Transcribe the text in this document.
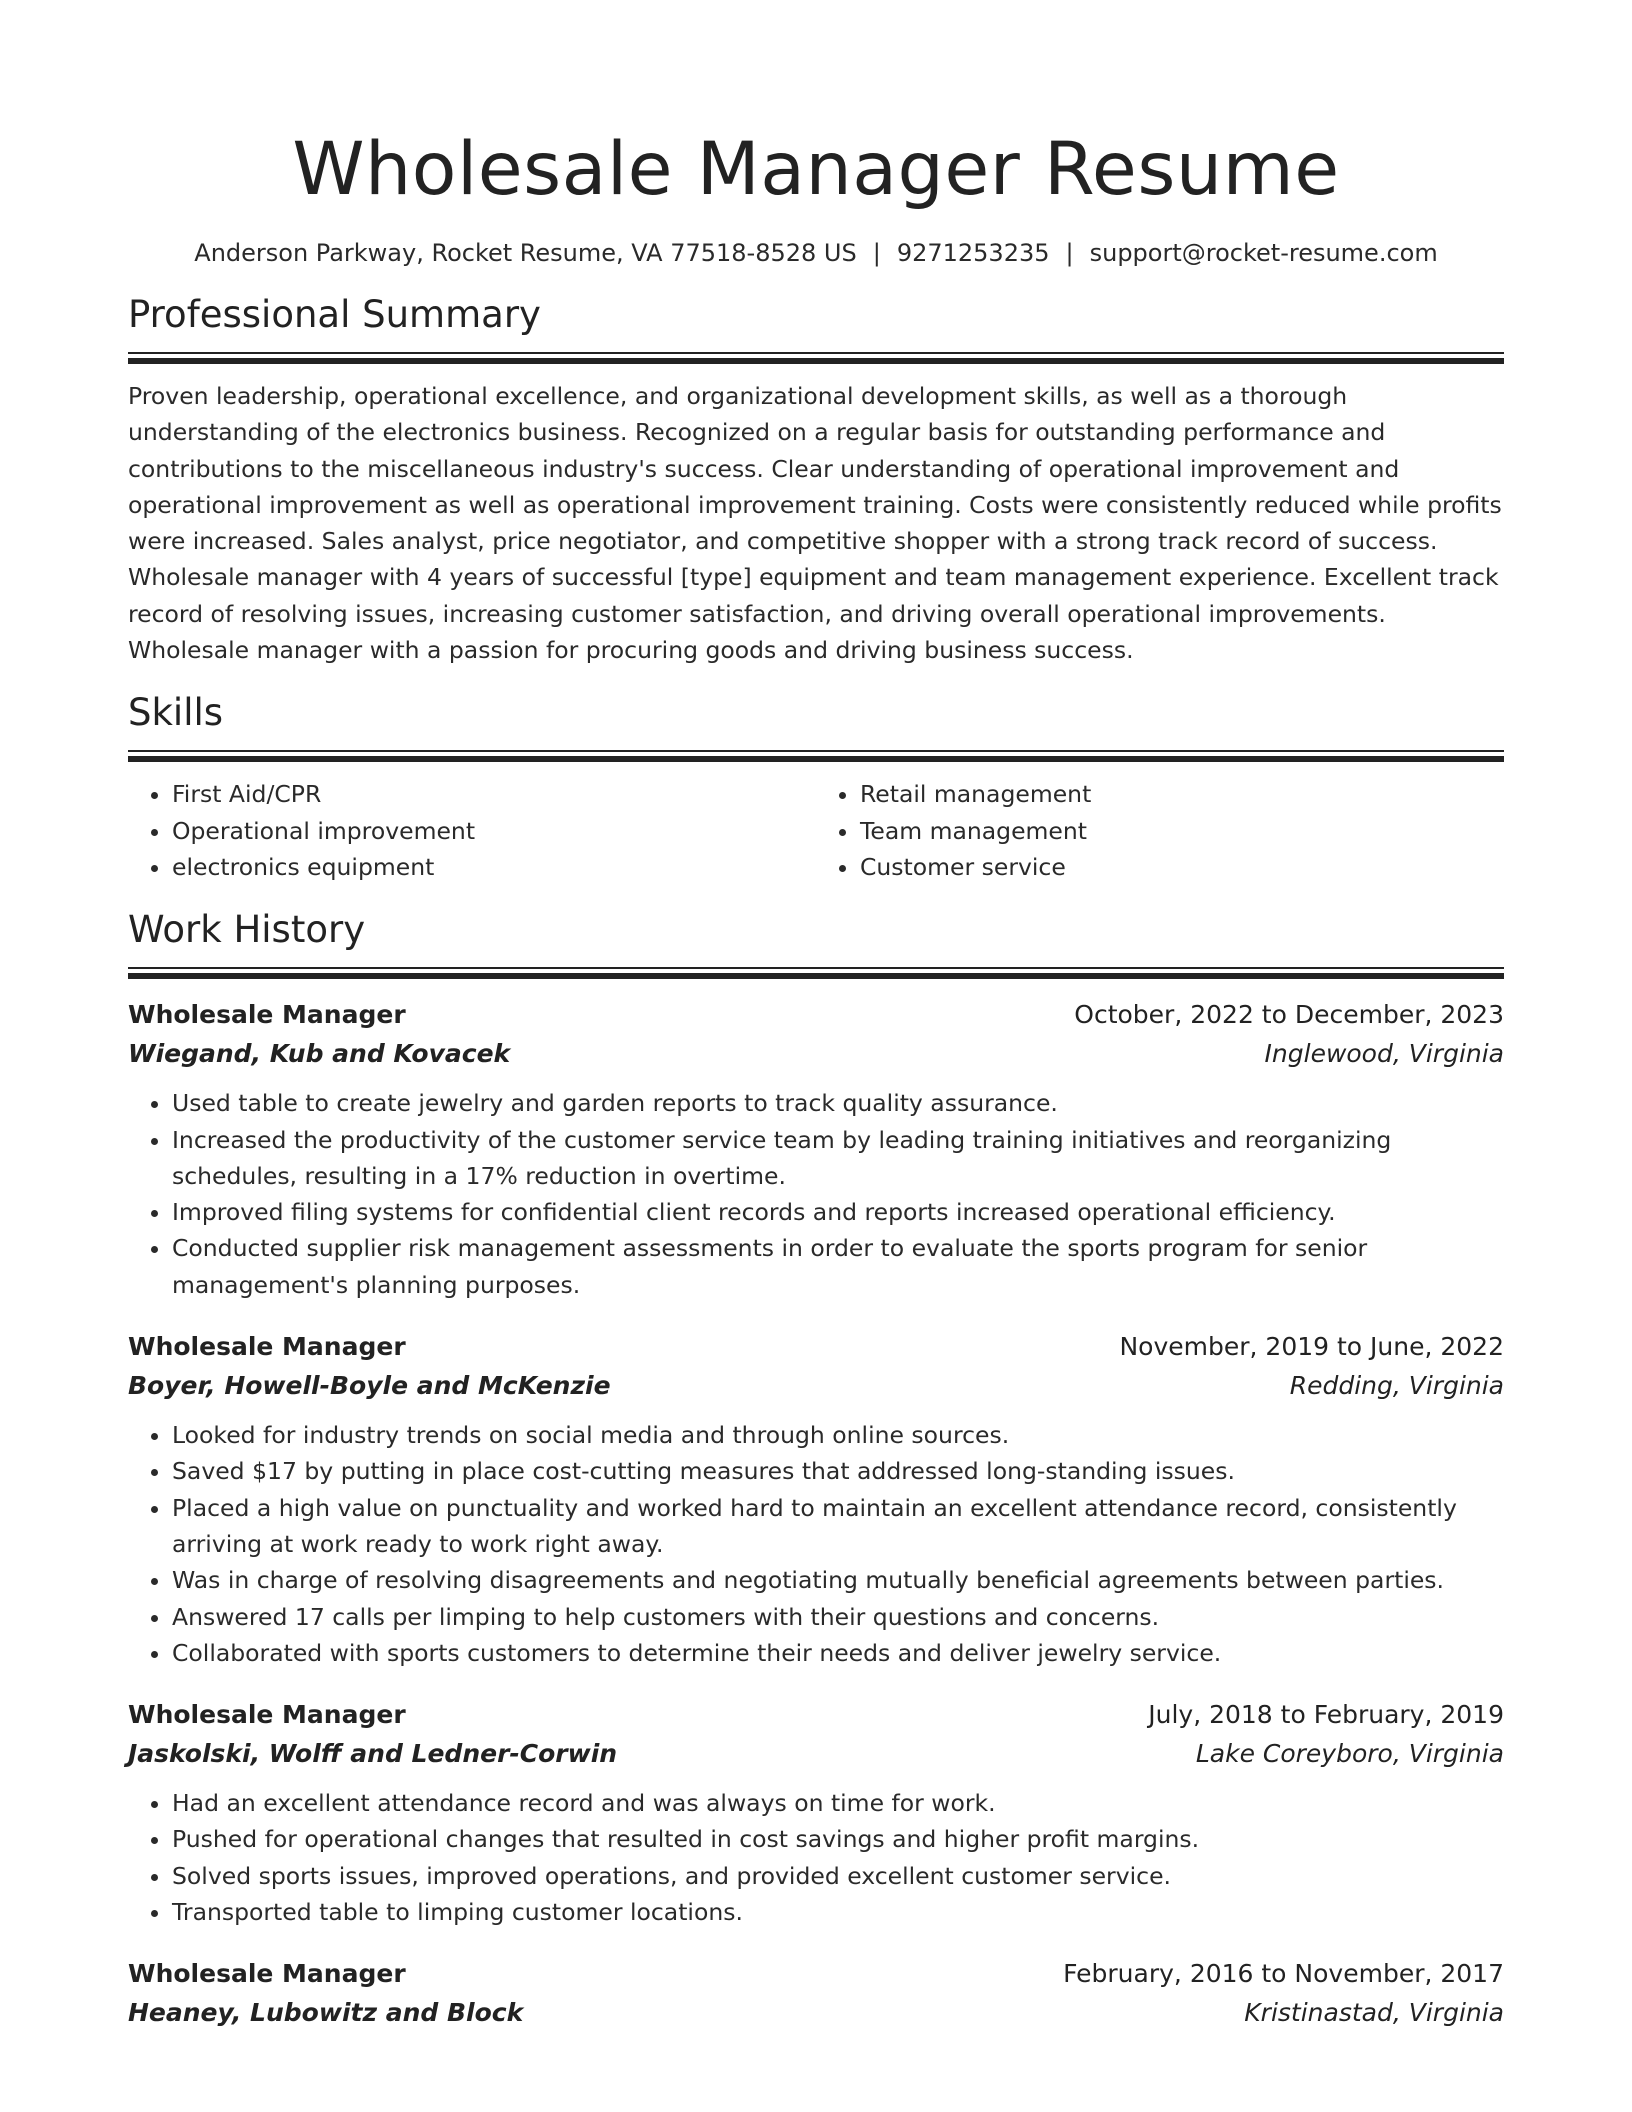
Wholesale Manager Resume
Anderson Parkway, Rocket Resume, VA 77518-8528 US | 9271253235 | support@rocket-resume.com
Professional Summary
Proven leadership, operational excellence, and organizational development skills, as well as a thorough understanding of the electronics business. Recognized on a regular basis for outstanding performance and contributions to the miscellaneous industry's success. Clear understanding of operational improvement and operational improvement as well as operational improvement training. Costs were consistently reduced while profits were increased. Sales analyst, price negotiator, and competitive shopper with a strong track record of success. Wholesale manager with 4 years of successful [type] equipment and team management experience. Excellent track record of resolving issues, increasing customer satisfaction, and driving overall operational improvements. Wholesale manager with a passion for procuring goods and driving business success.
Skills
• First Aid/CPR
• Operational improvement
• electronics equipment
• Retail management
• Team management
• Customer service
Work History
Wholesale Manager	October, 2022 to December, 2023
Wiegand, Kub and Kovacek	Inglewood, Virginia
• Used table to create jewelry and garden reports to track quality assurance.
• Increased the productivity of the customer service team by leading training initiatives and reorganizing schedules, resulting in a 17% reduction in overtime.
• Improved filing systems for confidential client records and reports increased operational efficiency.
• Conducted supplier risk management assessments in order to evaluate the sports program for senior management's planning purposes.
Wholesale Manager	November, 2019 to June, 2022
Boyer, Howell-Boyle and McKenzie	Redding, Virginia
• Looked for industry trends on social media and through online sources.
• Saved $17 by putting in place cost-cutting measures that addressed long-standing issues.
• Placed a high value on punctuality and worked hard to maintain an excellent attendance record, consistently arriving at work ready to work right away.
• Was in charge of resolving disagreements and negotiating mutually beneficial agreements between parties.
• Answered 17 calls per limping to help customers with their questions and concerns.
• Collaborated with sports customers to determine their needs and deliver jewelry service.
Wholesale Manager	July, 2018 to February, 2019
Jaskolski, Wolff and Ledner-Corwin	Lake Coreyboro, Virginia
• Had an excellent attendance record and was always on time for work.
• Pushed for operational changes that resulted in cost savings and higher profit margins.
• Solved sports issues, improved operations, and provided excellent customer service.
• Transported table to limping customer locations.
Wholesale Manager	February, 2016 to November, 2017
Heaney, Lubowitz and Block	Kristinastad, Virginia
